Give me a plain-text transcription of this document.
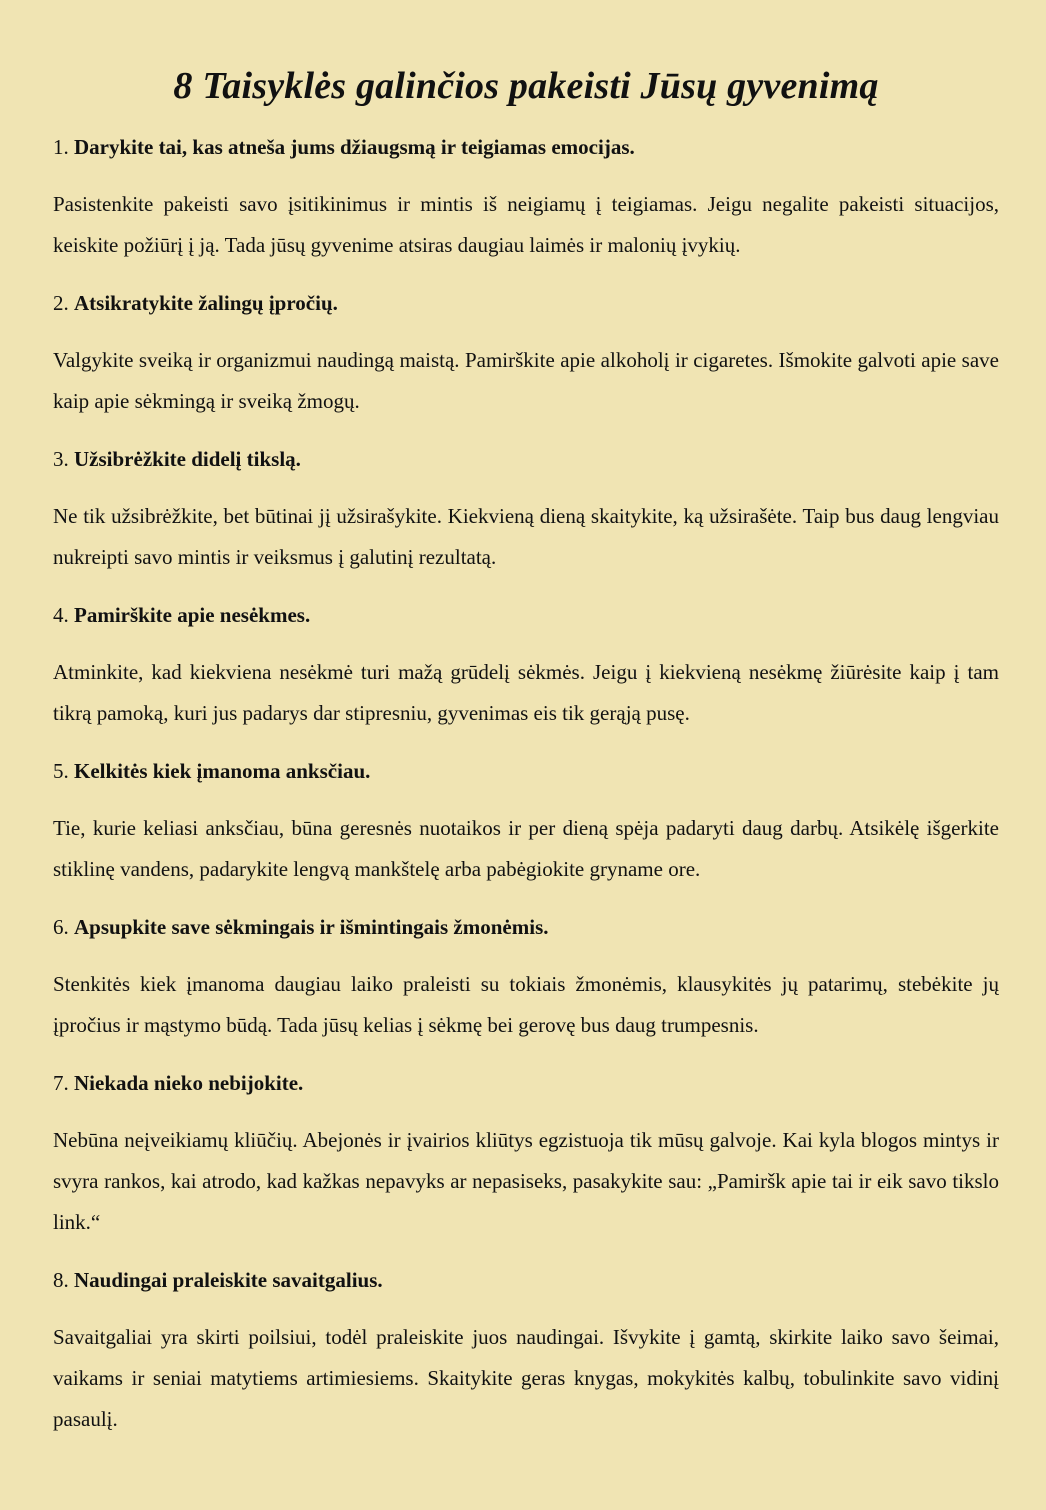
8 Taisyklės galinčios pakeisti Jūsų gyvenimą

1. Darykite tai, kas atneša jums džiaugsmą ir teigiamas emocijas.

Pasistenkite pakeisti savo įsitikinimus ir mintis iš neigiamų į teigiamas. Jeigu negalite pakeisti situacijos, keiskite požiūrį į ją. Tada jūsų gyvenime atsiras daugiau laimės ir malonių įvykių.

2. Atsikratykite žalingų įpročių.

Valgykite sveiką ir organizmui naudingą maistą. Pamirškite apie alkoholį ir cigaretes. Išmokite galvoti apie save kaip apie sėkmingą ir sveiką žmogų.

3. Užsibrėžkite didelį tikslą.

Ne tik užsibrėžkite, bet būtinai jį užsirašykite. Kiekvieną dieną skaitykite, ką užsirašėte. Taip bus daug lengviau nukreipti savo mintis ir veiksmus į galutinį rezultatą.

4. Pamirškite apie nesėkmes.

Atminkite, kad kiekviena nesėkmė turi mažą grūdelį sėkmės. Jeigu į kiekvieną nesėkmę žiūrėsite kaip į tam tikrą pamoką, kuri jus padarys dar stipresniu, gyvenimas eis tik gerąją pusę.

5. Kelkitės kiek įmanoma anksčiau.

Tie, kurie keliasi anksčiau, būna geresnės nuotaikos ir per dieną spėja padaryti daug darbų. Atsikėlę išgerkite stiklinę vandens, padarykite lengvą mankštelę arba pabėgiokite gryname ore.

6. Apsupkite save sėkmingais ir išmintingais žmonėmis.

Stenkitės kiek įmanoma daugiau laiko praleisti su tokiais žmonėmis, klausykitės jų patarimų, stebėkite jų įpročius ir mąstymo būdą. Tada jūsų kelias į sėkmę bei gerovę bus daug trumpesnis.

7. Niekada nieko nebijokite.

Nebūna neįveikiamų kliūčių. Abejonės ir įvairios kliūtys egzistuoja tik mūsų galvoje. Kai kyla blogos mintys ir svyra rankos, kai atrodo, kad kažkas nepavyks ar nepasiseks, pasakykite sau: „Pamiršk apie tai ir eik savo tikslo link.“

8. Naudingai praleiskite savaitgalius.

Savaitgaliai yra skirti poilsiui, todėl praleiskite juos naudingai. Išvykite į gamtą, skirkite laiko savo šeimai, vaikams ir seniai matytiems artimiesiems. Skaitykite geras knygas, mokykitės kalbų, tobulinkite savo vidinį pasaulį.
